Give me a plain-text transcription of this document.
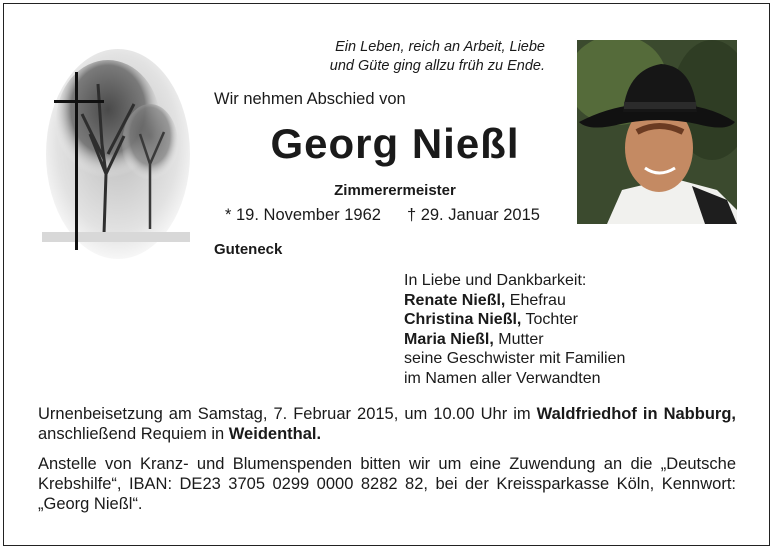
Ein Leben, reich an Arbeit, Liebe
und Güte ging allzu früh zu Ende.
Wir nehmen Abschied von
Georg Nießl
Zimmerermeister
* 19. November 1962 † 29. Januar 2015
Guteneck
In Liebe und Dankbarkeit:
Renate Nießl, Ehefrau
Christina Nießl, Tochter
Maria Nießl, Mutter
seine Geschwister mit Familien
im Namen aller Verwandten
Urnenbeisetzung am Samstag, 7. Februar 2015, um 10.00 Uhr im Waldfriedhof in Nabburg, anschließend Requiem in Weidenthal.
Anstelle von Kranz- und Blumenspenden bitten wir um eine Zuwendung an die „Deutsche Krebshilfe“, IBAN: DE23 3705 0299 0000 8282 82, bei der Kreissparkasse Köln, Kennwort: „Georg Nießl“.
